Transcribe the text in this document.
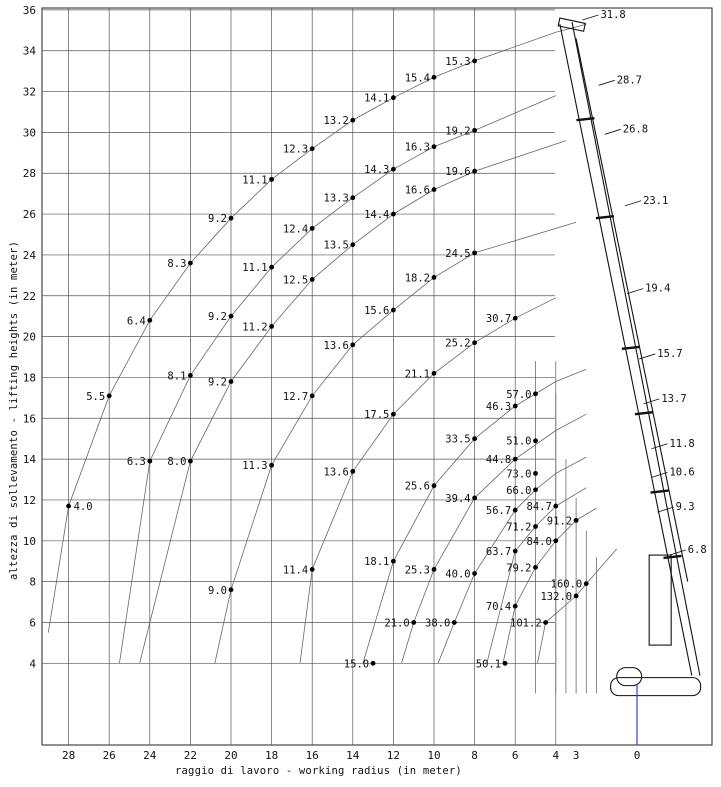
4.0
5.5
6.4
6.3
8.3
8.1
8.0
9.2
9.2
9.2
9.0
11.1
11.1
11.2
11.3
12.3
12.4
12.5
12.7
11.4
13.2
13.3
13.5
13.6
13.6
15.0
14.1
14.3
14.4
15.6
17.5
18.1
21.0
15.4
16.3
16.6
18.2
21.1
25.6
25.3
38.0
15.3
19.2
19.6
24.5
25.2
33.5
39.4
40.0
50.1
30.7
46.3
44.8
56.7
63.7
70.4
57.0
51.0
73.0
66.0
71.2
79.2
101.2
84.7
84.0
91.2
132.0
160.0
31.8
28.7
26.8
23.1
19.4
15.7
13.7
11.8
10.6
9.3
6.8
36
34
32
30
28
26
24
22
20
18
16
14
12
10
8
6
4
28 26 24 22 20 18 16 14 12 10	8	6	4 3	0
raggio di lavoro - working radius (in meter)
altezza di sollevamento - lifting heights (in meter)
